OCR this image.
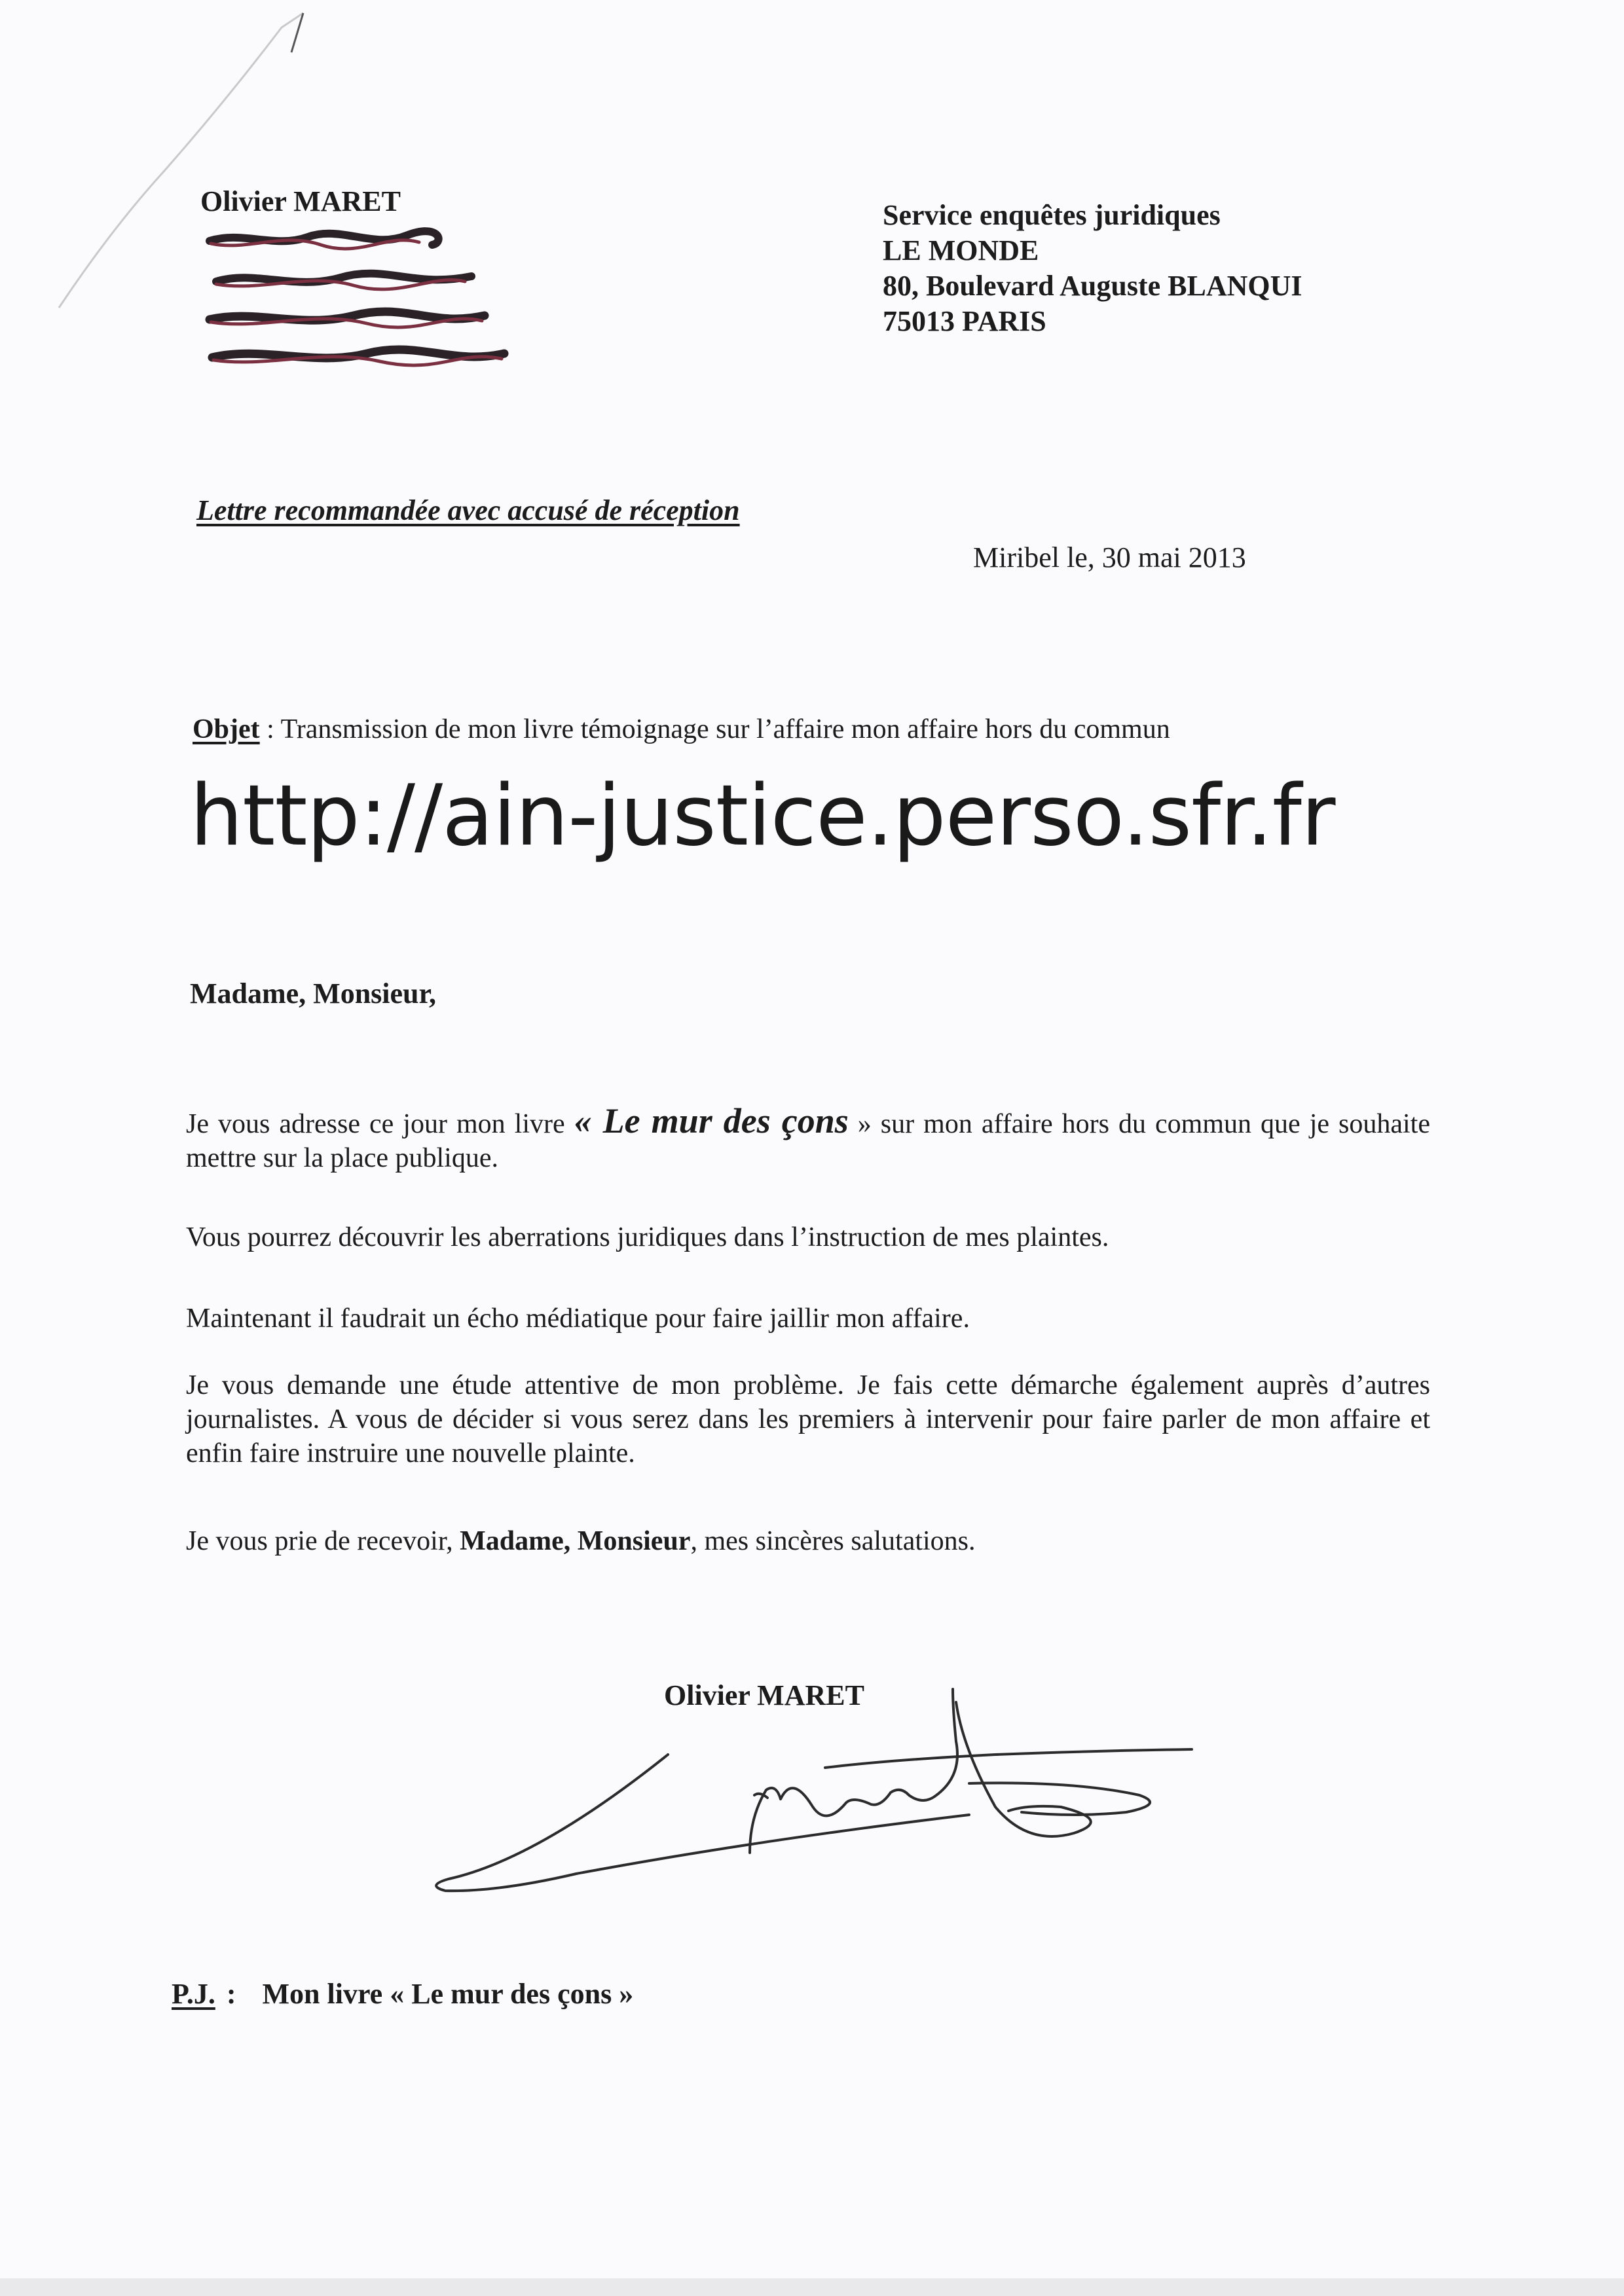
Olivier MARET	Service enquêtes juridiques
LE MONDE
80, Boulevard Auguste BLANQUI
75013 PARIS
Lettre recommandée avec accusé de réception
Miribel le, 30 mai 2013
Objet : Transmission de mon livre témoignage sur l’affaire mon affaire hors du commun
http://ain-justice.perso.sfr.fr
Madame, Monsieur,
Je vous adresse ce jour mon livre « Le mur des çons » sur mon affaire hors du commun que je souhaite mettre sur la place publique.
Vous pourrez découvrir les aberrations juridiques dans l’instruction de mes plaintes.
Maintenant il faudrait un écho médiatique pour faire jaillir mon affaire.
Je vous demande une étude attentive de mon problème. Je fais cette démarche également auprès d’autres journalistes. A vous de décider si vous serez dans les premiers à intervenir pour faire parler de mon affaire et enfin faire instruire une nouvelle plainte.
Je vous prie de recevoir, Madame, Monsieur, mes sincères salutations.
Olivier MARET
P.J. : Mon livre « Le mur des çons »
